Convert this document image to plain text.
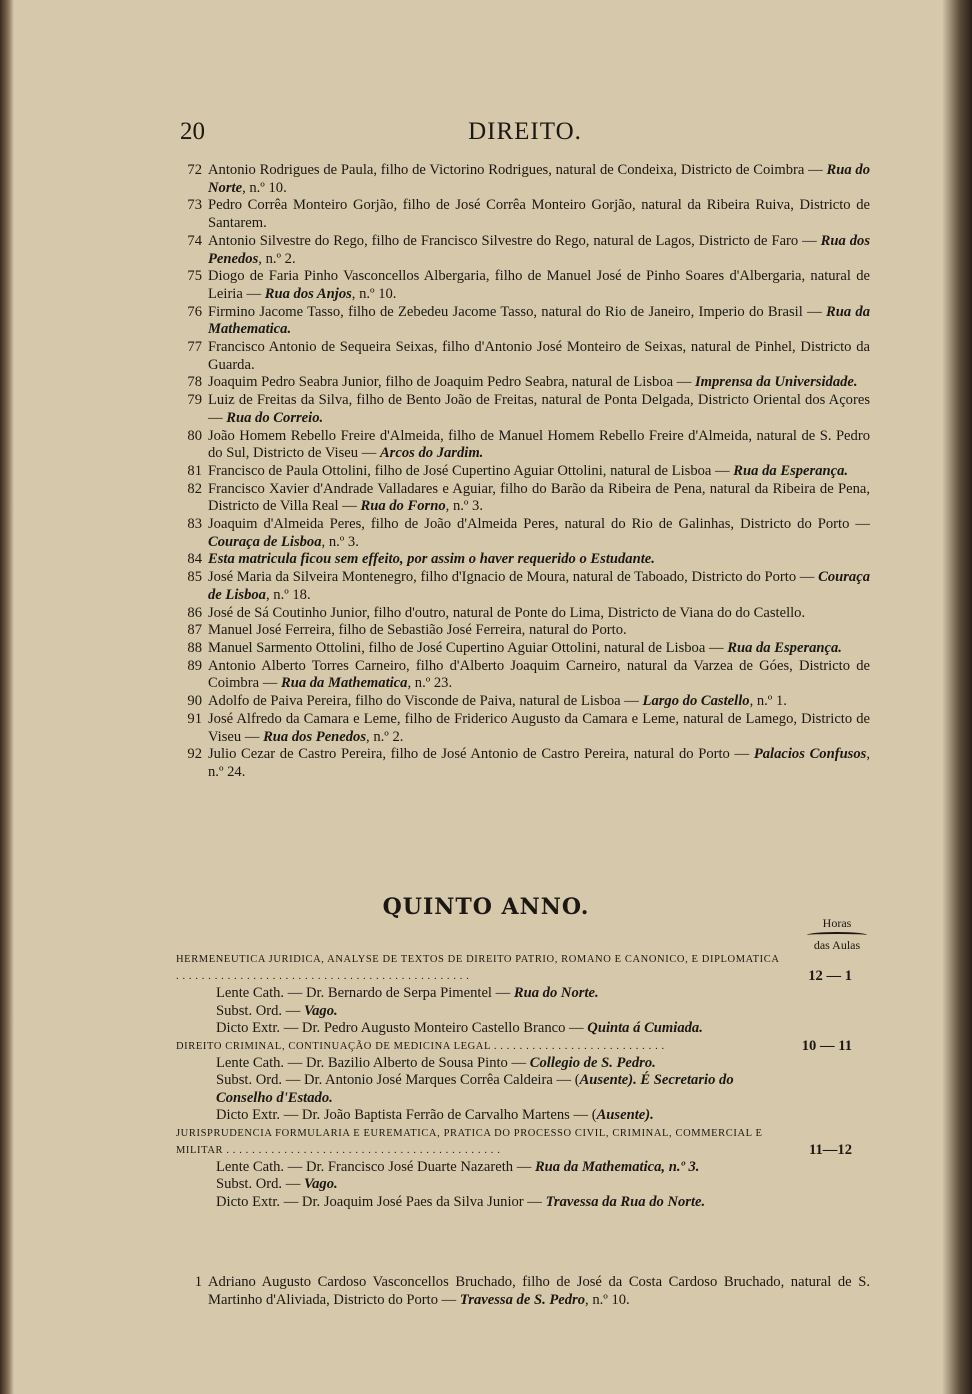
20	DIREITO.
72 Antonio Rodrigues de Paula, filho de Victorino Rodrigues, natural de Condeixa, Districto de Coimbra — Rua do Norte, n.º 10.
73 Pedro Corrêa Monteiro Gorjão, filho de José Corrêa Monteiro Gorjão, natural da Ribeira Ruiva, Districto de Santarem.
74 Antonio Silvestre do Rego, filho de Francisco Silvestre do Rego, natural de Lagos, Districto de Faro — Rua dos Penedos, n.º 2.
75 Diogo de Faria Pinho Vasconcellos Albergaria, filho de Manuel José de Pinho Soares d'Albergaria, natural de Leiria — Rua dos Anjos, n.º 10.
76 Firmino Jacome Tasso, filho de Zebedeu Jacome Tasso, natural do Rio de Janeiro, Imperio do Brasil — Rua da Mathematica.
77 Francisco Antonio de Sequeira Seixas, filho d'Antonio José Monteiro de Seixas, natural de Pinhel, Districto da Guarda.
78 Joaquim Pedro Seabra Junior, filho de Joaquim Pedro Seabra, natural de Lisboa — Imprensa da Universidade.
79 Luiz de Freitas da Silva, filho de Bento João de Freitas, natural de Ponta Delgada, Districto Oriental dos Açores — Rua do Correio.
80 João Homem Rebello Freire d'Almeida, filho de Manuel Homem Rebello Freire d'Almeida, natural de S. Pedro do Sul, Districto de Viseu — Arcos do Jardim.
81 Francisco de Paula Ottolini, filho de José Cupertino Aguiar Ottolini, natural de Lisboa — Rua da Esperança.
82 Francisco Xavier d'Andrade Valladares e Aguiar, filho do Barão da Ribeira de Pena, natural da Ribeira de Pena, Districto de Villa Real — Rua do Forno, n.º 3.
83 Joaquim d'Almeida Peres, filho de João d'Almeida Peres, natural do Rio de Galinhas, Districto do Porto — Couraça de Lisboa, n.º 3.
84 Esta matricula ficou sem effeito, por assim o haver requerido o Estudante.
85 José Maria da Silveira Montenegro, filho d'Ignacio de Moura, natural de Taboado, Districto do Porto — Couraça de Lisboa, n.º 18.
86 José de Sá Coutinho Junior, filho d'outro, natural de Ponte do Lima, Districto de Viana do do Castello.
87 Manuel José Ferreira, filho de Sebastião José Ferreira, natural do Porto.
88 Manuel Sarmento Ottolini, filho de José Cupertino Aguiar Ottolini, natural de Lisboa — Rua da Esperança.
89 Antonio Alberto Torres Carneiro, filho d'Alberto Joaquim Carneiro, natural da Varzea de Góes, Districto de Coimbra — Rua da Mathematica, n.º 23.
90 Adolfo de Paiva Pereira, filho do Visconde de Paiva, natural de Lisboa — Largo do Castello, n.º 1.
91 José Alfredo da Camara e Leme, filho de Friderico Augusto da Camara e Leme, natural de Lamego, Districto de Viseu — Rua dos Penedos, n.º 2.
92 Julio Cezar de Castro Pereira, filho de José Antonio de Castro Pereira, natural do Porto — Palacios Confusos, n.º 24.
QUINTO ANNO.
Horas
das Aulas
HERMENEUTICA JURIDICA, ANALYSE DE TEXTOS DE DIREITO PATRIO, ROMANO E CANONICO, E DIPLOMATICA . . . . . . . . . . . . . . . . . . . . . . . . . . . . . . . . . . . . . . . . . . . . . .	12 — 1
Lente Cath. — Dr. Bernardo de Serpa Pimentel — Rua do Norte.
Subst. Ord. — Vago.
Dicto Extr. — Dr. Pedro Augusto Monteiro Castello Branco — Quinta á Cumiada.
DIREITO CRIMINAL, CONTINUAÇÃO DE MEDICINA LEGAL . . . . . . . . . . . . . . . . . . . . . . . . . . .	10 — 11
Lente Cath. — Dr. Bazilio Alberto de Sousa Pinto — Collegio de S. Pedro.
Subst. Ord. — Dr. Antonio José Marques Corrêa Caldeira — (Ausente). É Secretario do Conselho d'Estado.
Dicto Extr. — Dr. João Baptista Ferrão de Carvalho Martens — (Ausente).
JURISPRUDENCIA FORMULARIA E EUREMATICA, PRATICA DO PROCESSO CIVIL, CRIMINAL, COMMERCIAL E MILITAR . . . . . . . . . . . . . . . . . . . . . . . . . . . . . . . . . . . . . . . . . . .	11—12
Lente Cath. — Dr. Francisco José Duarte Nazareth — Rua da Mathematica, n.º 3.
Subst. Ord. — Vago.
Dicto Extr. — Dr. Joaquim José Paes da Silva Junior — Travessa da Rua do Norte.
1 Adriano Augusto Cardoso Vasconcellos Bruchado, filho de José da Costa Cardoso Bruchado, natural de S. Martinho d'Aliviada, Districto do Porto — Travessa de S. Pedro, n.º 10.
